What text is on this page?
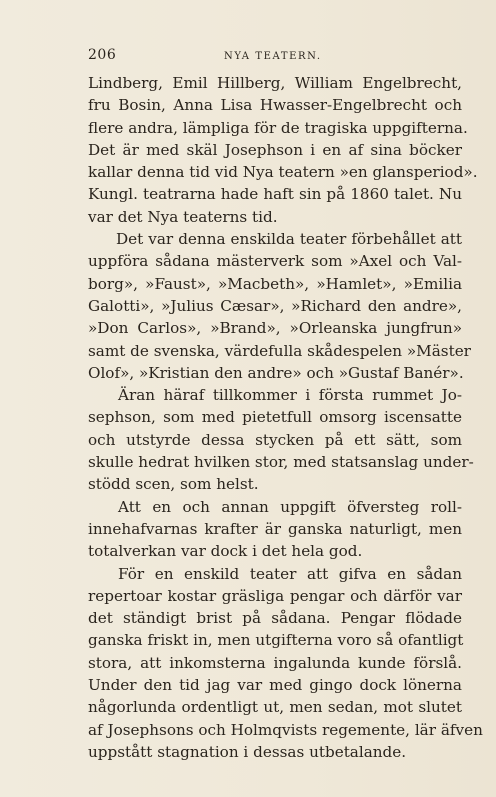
206	NYA TEATERN.
Lindberg, Emil Hillberg, William Engelbrecht,
fru Bosin, Anna Lisa Hwasser-Engelbrecht och
flere andra, lämpliga för de tragiska uppgifterna.
Det är med skäl Josephson i en af sina böcker
kallar denna tid vid Nya teatern »en glansperiod».
Kungl. teatrarna hade haft sin på 1860 talet. Nu
var det Nya teaterns tid.
Det var denna enskilda teater förbehållet att
uppföra sådana mästerverk som »Axel och Val-
borg», »Faust», »Macbeth», »Hamlet», »Emilia
Galotti», »Julius Cæsar», »Richard den andre»,
»Don Carlos», »Brand», »Orleanska jungfrun»
samt de svenska, värdefulla skådespelen »Mäster
Olof», »Kristian den andre» och »Gustaf Banér».
Äran häraf tillkommer i första rummet Jo-
sephson, som med pietetfull omsorg iscensatte
och utstyrde dessa stycken på ett sätt, som
skulle hedrat hvilken stor, med statsanslag under-
stödd scen, som helst.
Att en och annan uppgift öfversteg roll-
innehafvarnas krafter är ganska naturligt, men
totalverkan var dock i det hela god.
För en enskild teater att gifva en sådan
repertoar kostar gräsliga pengar och därför var
det ständigt brist på sådana. Pengar flödade
ganska friskt in, men utgifterna voro så ofantligt
stora, att inkomsterna ingalunda kunde förslå.
Under den tid jag var med gingo dock lönerna
någorlunda ordentligt ut, men sedan, mot slutet
af Josephsons och Holmqvists regemente, lär äfven
uppstått stagnation i dessas utbetalande.
